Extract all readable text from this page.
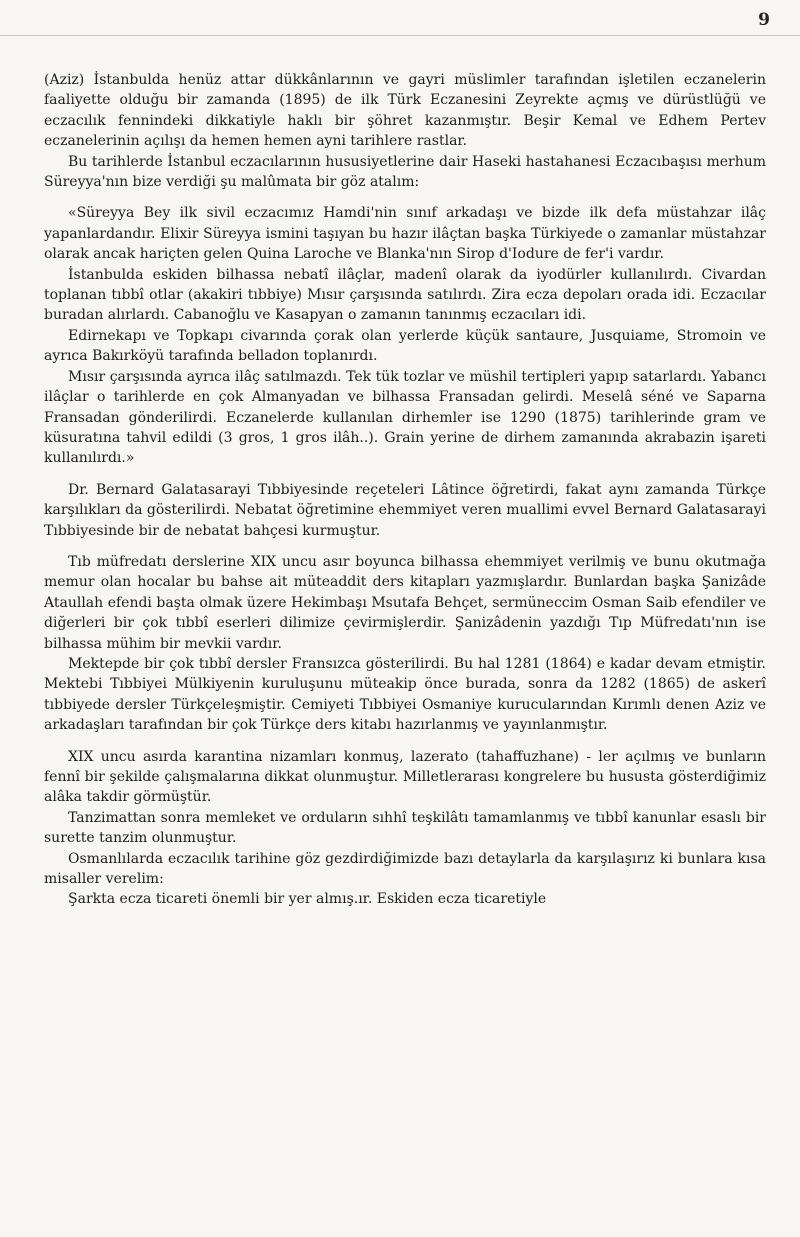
9

(Aziz) İstanbulda henüz attar dükkânlarının ve gayri müslimler tarafından işletilen eczanelerin faaliyette olduğu bir zamanda (1895) de ilk Türk Eczanesini Zeyrekte açmış ve dürüstlüğü ve eczacılık fennindeki dikkatiyle haklı bir şöhret kazanmıştır. Beşir Kemal ve Edhem Pertev eczanelerinin açılışı da hemen hemen ayni tarihlere rastlar.

Bu tarihlerde İstanbul eczacılarının hususiyetlerine dair Haseki hastahanesi Eczacıbaşısı merhum Süreyya'nın bize verdiği şu malûmata bir göz atalım:

«Süreyya Bey ilk sivil eczacımız Hamdi'nin sınıf arkadaşı ve bizde ilk defa müstahzar ilâç yapanlardandır. Elixir Süreyya ismini taşıyan bu hazır ilâçtan başka Türkiyede o zamanlar müstahzar olarak ancak hariçten gelen Quina Laroche ve Blanka'nın Sirop d'Iodure de fer'i vardır.

İstanbulda eskiden bilhassa nebatî ilâçlar, madenî olarak da iyodürler kullanılırdı. Civardan toplanan tıbbî otlar (akakiri tıbbiye) Mısır çarşısında satılırdı. Zira ecza depoları orada idi. Eczacılar buradan alırlardı. Cabanoğlu ve Kasapyan o zamanın tanınmış eczacıları idi.

Edirnekapı ve Topkapı civarında çorak olan yerlerde küçük santaure, Jusquiame, Stromoin ve ayrıca Bakırköyü tarafında belladon toplanırdı.

Mısır çarşısında ayrıca ilâç satılmazdı. Tek tük tozlar ve müshil tertipleri yapıp satarlardı. Yabancı ilâçlar o tarihlerde en çok Almanyadan ve bilhassa Fransadan gelirdi. Meselâ séné ve Saparna Fransadan gönderilirdi. Eczanelerde kullanılan dirhemler ise 1290 (1875) tarihlerinde gram ve küsuratına tahvil edildi (3 gros, 1 gros ilâh..). Grain yerine de dirhem zamanında akrabazin işareti kullanılırdı.»

Dr. Bernard Galatasarayi Tıbbiyesinde reçeteleri Lâtince öğretirdi, fakat aynı zamanda Türkçe karşılıkları da gösterilirdi. Nebatat öğretimine ehemmiyet veren muallimi evvel Bernard Galatasarayi Tıbbiyesinde bir de nebatat bahçesi kurmuştur.

Tıb müfredatı derslerine XIX uncu asır boyunca bilhassa ehemmiyet verilmiş ve bunu okutmağa memur olan hocalar bu bahse ait müteaddit ders kitapları yazmışlardır. Bunlardan başka Şanizâde Ataullah efendi başta olmak üzere Hekimbaşı Msutafa Behçet, sermüneccim Osman Saib efendiler ve diğerleri bir çok tıbbî eserleri dilimize çevirmişlerdir. Şanizâdenin yazdığı Tıp Müfredatı'nın ise bilhassa mühim bir mevkii vardır.

Mektepde bir çok tıbbî dersler Fransızca gösterilirdi. Bu hal 1281 (1864) e kadar devam etmiştir. Mektebi Tıbbiyei Mülkiyenin kuruluşunu müteakip önce burada, sonra da 1282 (1865) de askerî tıbbiyede dersler Türkçeleşmiştir. Cemiyeti Tıbbiyei Osmaniye kurucularından Kırımlı denen Aziz ve arkadaşları tarafından bir çok Türkçe ders kitabı hazırlanmış ve yayınlanmıştır.

XIX uncu asırda karantina nizamları konmuş, lazerato (tahaffuzhane) - ler açılmış ve bunların fennî bir şekilde çalışmalarına dikkat olunmuştur. Milletlerarası kongrelere bu hususta gösterdiğimiz alâka takdir görmüştür.

Tanzimattan sonra memleket ve orduların sıhhî teşkilâtı tamamlanmış ve tıbbî kanunlar esaslı bir surette tanzim olunmuştur.

Osmanlılarda eczacılık tarihine göz gezdirdiğimizde bazı detaylarla da karşılaşırız ki bunlara kısa misaller verelim:

Şarkta ecza ticareti önemli bir yer almış.ır. Eskiden ecza ticaretiyle
